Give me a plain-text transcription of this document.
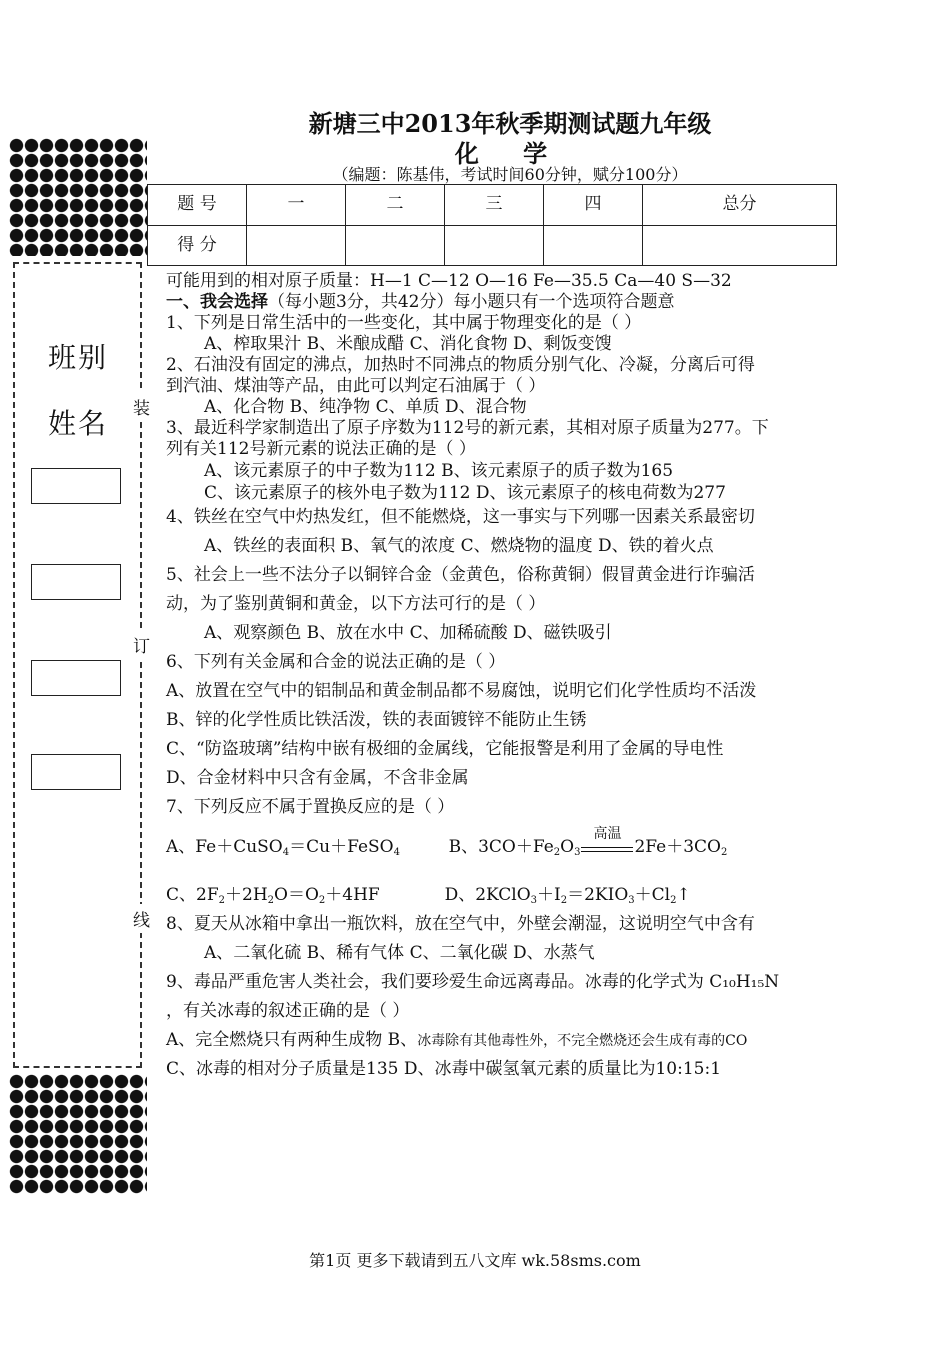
班别
姓名 装
订
线
新塘三中2013年秋季期测试题九年级
化 学
（编题：陈基伟，考试时间60分钟，赋分100分）
题 号	一	二	三	四	总分
得 分					
可能用到的相对原子质量：H—1 C—12 O—16 Fe—35.5 Ca—40 S—32
一、我会选择（每小题3分，共42分）每小题只有一个选项符合题意
1、下列是日常生活中的一些变化，其中属于物理变化的是（ ）
A、榨取果汁 B、米酿成醋 C、消化食物 D、剩饭变馊
2、石油没有固定的沸点，加热时不同沸点的物质分别气化、冷凝，分离后可得
到汽油、煤油等产品，由此可以判定石油属于（ ）
A、化合物 B、纯净物 C、单质 D、混合物
3、最近科学家制造出了原子序数为112号的新元素，其相对原子质量为277。下
列有关112号新元素的说法正确的是（ ）
A、该元素原子的中子数为112 B、该元素原子的质子数为165
C、该元素原子的核外电子数为112 D、该元素原子的核电荷数为277
4、铁丝在空气中灼热发红，但不能燃烧，这一事实与下列哪一因素关系最密切
A、铁丝的表面积 B、氧气的浓度 C、燃烧物的温度 D、铁的着火点
5、社会上一些不法分子以铜锌合金（金黄色，俗称黄铜）假冒黄金进行诈骗活
动，为了鉴别黄铜和黄金，以下方法可行的是（ ）
A、观察颜色 B、放在水中 C、加稀硫酸 D、磁铁吸引
6、下列有关金属和合金的说法正确的是（ ）
A、放置在空气中的铝制品和黄金制品都不易腐蚀，说明它们化学性质均不活泼
B、锌的化学性质比铁活泼，铁的表面镀锌不能防止生锈
C、“防盗玻璃”结构中嵌有极细的金属线，它能报警是利用了金属的导电性
D、合金材料中只含有金属，不含非金属
7、下列反应不属于置换反应的是（ ）
A、Fe＋CuSO$_4$＝Cu＋FeSO$_4$         B、$3CO+Fe_2O_3$
高温
$2Fe+3CO_2$
C、$2F_2+2H_2O=O_2+4HF$            D、$2KClO_3+I_2=2KIO_3+Cl_2↑$
8、夏天从冰箱中拿出一瓶饮料，放在空气中，外壁会潮湿，这说明空气中含有
A、二氧化硫 B、稀有气体 C、二氧化碳 D、水蒸气
9、毒品严重危害人类社会，我们要珍爱生命远离毒品。冰毒的化学式为 C₁₀H₁₅N
，有关冰毒的叙述正确的是（ ）
A、完全燃烧只有两种生成物 B、冰毒除有其他毒性外，不完全燃烧还会生成有毒的CO
C、冰毒的相对分子质量是135 D、冰毒中碳氢氧元素的质量比为10:15:1
第1页 更多下载请到五八文库 wk.58sms.com
